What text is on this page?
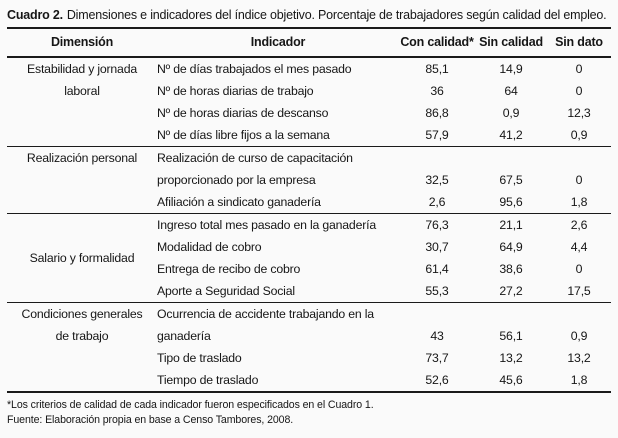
Cuadro 2. Dimensiones e indicadores del índice objetivo. Porcentaje de trabajadores según calidad del empleo.
Dimensión	Indicador	Con calidad*	Sin calidad	Sin dato
Estabilidad y jornada laboral	Nº de días trabajados el mes pasado	85,1	14,9	0
	Nº de horas diarias de trabajo	36	64	0
	Nº de horas diarias de descanso	86,8	0,9	12,3
	Nº de días libre fijos a la semana	57,9	41,2	0,9
Realización personal	Realización de curso de capacitación proporcionado por la empresa	32,5	67,5	0
	Afiliación a sindicato ganadería	2,6	95,6	1,8
Salario y formalidad	Ingreso total mes pasado en la ganadería	76,3	21,1	2,6
	Modalidad de cobro	30,7	64,9	4,4
	Entrega de recibo de cobro	61,4	38,6	0
	Aporte a Seguridad Social	55,3	27,2	17,5
Condiciones generales de trabajo	Ocurrencia de accidente trabajando en la ganadería	43	56,1	0,9
	Tipo de traslado	73,7	13,2	13,2
	Tiempo de traslado	52,6	45,6	1,8
*Los criterios de calidad de cada indicador fueron especificados en el Cuadro 1.
Fuente: Elaboración propia en base a Censo Tambores, 2008.
